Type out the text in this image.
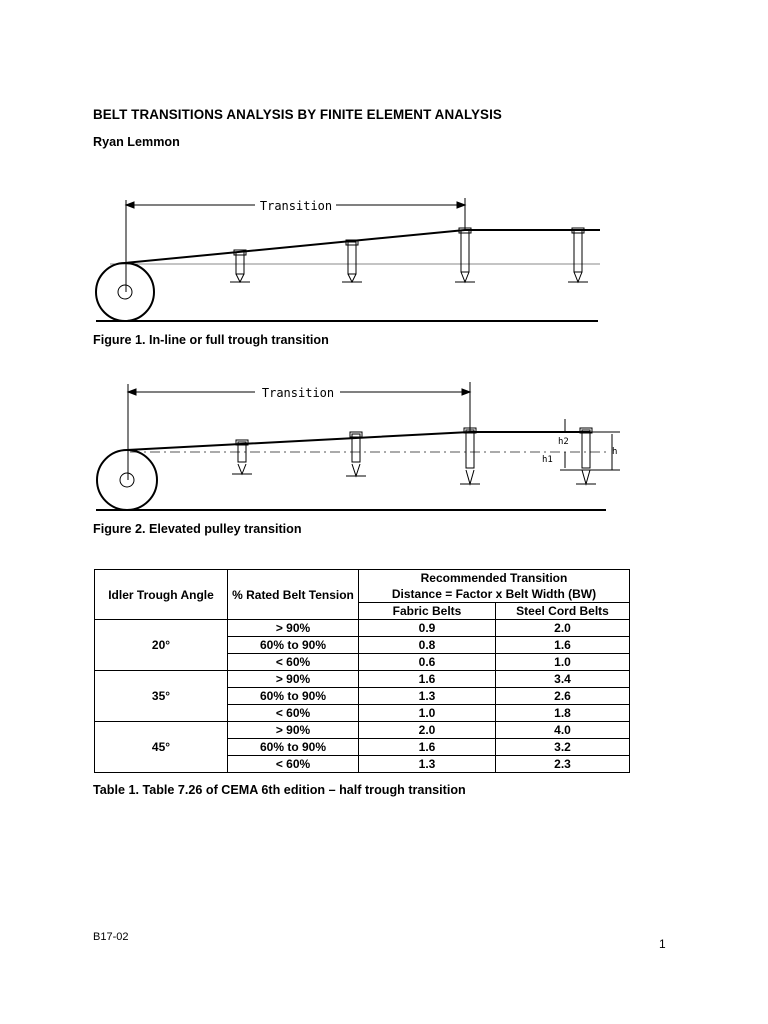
BELT TRANSITIONS ANALYSIS BY FINITE ELEMENT ANALYSIS
Ryan Lemmon
Transition
Figure 1. In-line or full trough transition
Transition
h2
h1
h
Figure 2. Elevated pulley transition
Idler Trough Angle	% Rated Belt Tension	Recommended Transition
Distance = Factor x Belt Width (BW)	
		Fabric Belts	Steel Cord Belts
20°	> 90%	0.9	2.0
	60% to 90%	0.8	1.6
	< 60%	0.6	1.0
35°	> 90%	1.6	3.4
	60% to 90%	1.3	2.6
	< 60%	1.0	1.8
45°	> 90%	2.0	4.0
	60% to 90%	1.6	3.2
	< 60%	1.3	2.3
Table 1. Table 7.26 of CEMA 6th edition – half trough transition
B17-02	1
